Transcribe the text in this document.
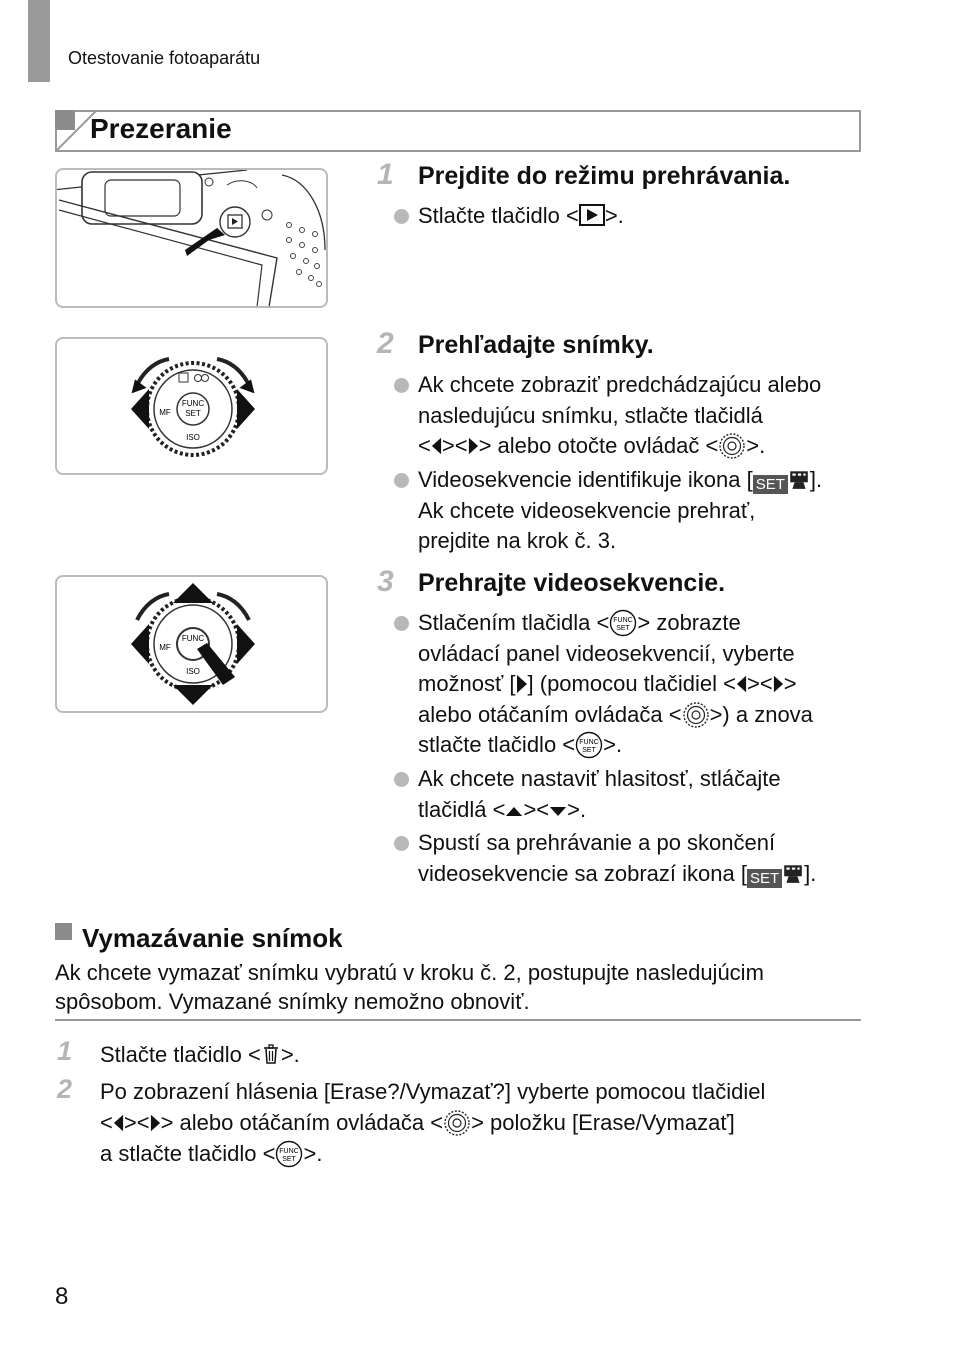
Otestovanie fotoaparátu
Prezeranie
FUNC
SET
ISO
MF
FUNC
ISO
MF
1 Prejdite do režimu prehrávania.
Stlačte tlačidlo < >.
2 Prehľadajte snímky.
Ak chcete zobraziť predchádzajúcu alebo
nasledujúcu snímku, stlačte tlačidlá
< >< > alebo otočte ovládač < >.
Videosekvencie identifikuje ikona [ SET ].
Ak chcete videosekvencie prehrať,
prejdite na krok č. 3.
3 Prehrajte videosekvencie.
Stlačením tlačidla < FUNC
SET > zobrazte
ovládací panel videosekvencií, vyberte
možnosť [ ] (pomocou tlačidiel < >< >
alebo otáčaním ovládača < >) a znova
stlačte tlačidlo < FUNC
SET >.
Ak chcete nastaviť hlasitosť, stláčajte
tlačidlá < >< >.
Spustí sa prehrávanie a po skončení
videosekvencie sa zobrazí ikona [ SET ].
Vymazávanie snímok
Ak chcete vymazať snímku vybratú v kroku č. 2, postupujte nasledujúcim
spôsobom. Vymazané snímky nemožno obnoviť.
1 Stlačte tlačidlo < >.
2 Po zobrazení hlásenia [Erase?/Vymazať?] vyberte pomocou tlačidiel
< >< > alebo otáčaním ovládača < > položku [Erase/Vymazať]
a stlačte tlačidlo < FUNC
SET >.
8
